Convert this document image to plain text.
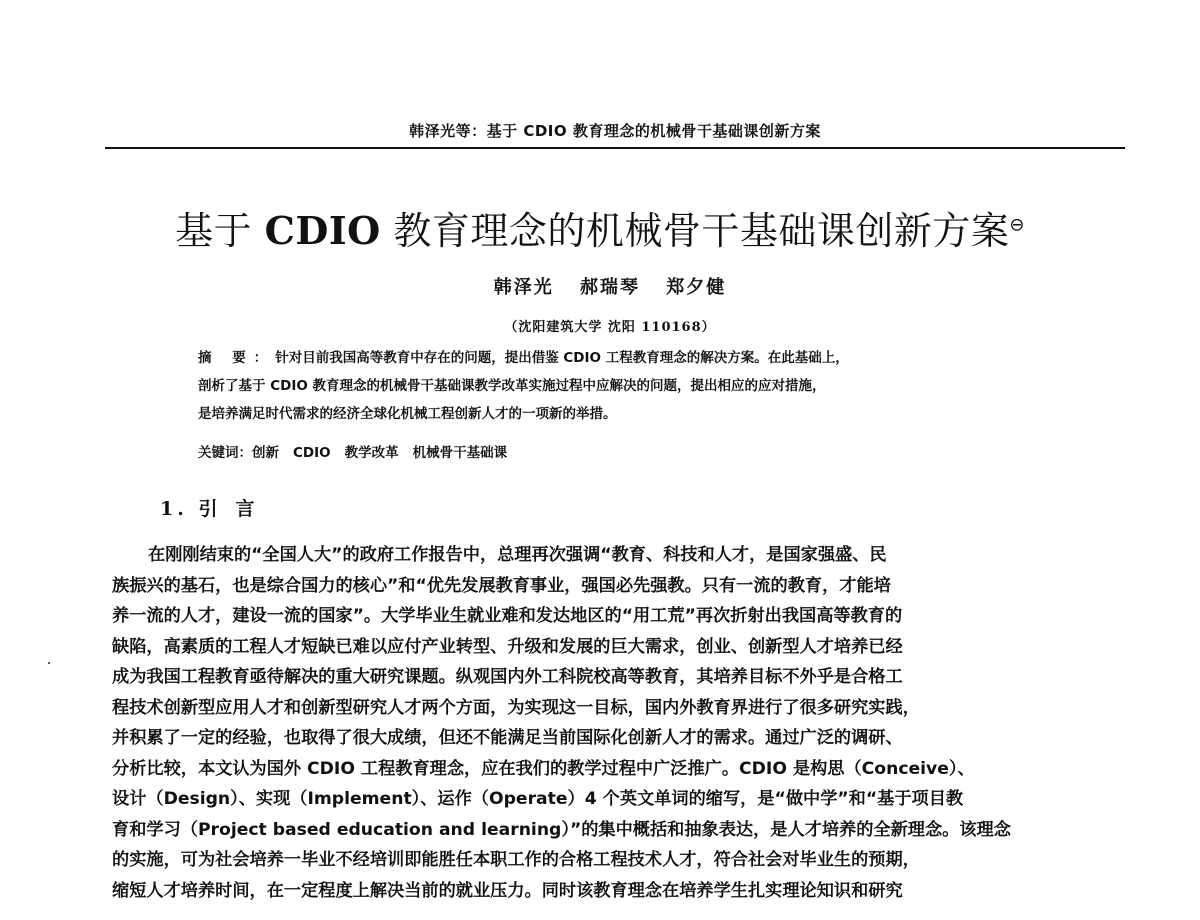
韩泽光等：基于 CDIO 教育理念的机械骨干基础课创新方案
基于 CDIO 教育理念的机械骨干基础课创新方案⊖
韩泽光 郝瑞琴 郑夕健
（沈阳建筑大学 沈阳 110168）
摘 要：针对目前我国高等教育中存在的问题，提出借鉴 CDIO 工程教育理念的解决方案。在此基础上，
剖析了基于 CDIO 教育理念的机械骨干基础课教学改革实施过程中应解决的问题，提出相应的应对措施，
是培养满足时代需求的经济全球化机械工程创新人才的一项新的举措。
关键词：创新 CDIO 教学改革 机械骨干基础课
1. 引言
在刚刚结束的“全国人大”的政府工作报告中，总理再次强调“教育、科技和人才，是国家强盛、民
族振兴的基石，也是综合国力的核心”和“优先发展教育事业，强国必先强教。只有一流的教育，才能培
养一流的人才，建设一流的国家”。大学毕业生就业难和发达地区的“用工荒”再次折射出我国高等教育的
缺陷，高素质的工程人才短缺已难以应付产业转型、升级和发展的巨大需求，创业、创新型人才培养已经
成为我国工程教育亟待解决的重大研究课题。纵观国内外工科院校高等教育，其培养目标不外乎是合格工
程技术创新型应用人才和创新型研究人才两个方面，为实现这一目标，国内外教育界进行了很多研究实践，
并积累了一定的经验，也取得了很大成绩，但还不能满足当前国际化创新人才的需求。通过广泛的调研、
分析比较，本文认为国外 CDIO 工程教育理念，应在我们的教学过程中广泛推广。CDIO 是构思（Conceive）、
设计（Design）、实现（Implement）、运作（Operate）4 个英文单词的缩写，是“做中学”和“基于项目教
育和学习（Project based education and learning）”的集中概括和抽象表达，是人才培养的全新理念。该理念
的实施，可为社会培养一毕业不经培训即能胜任本职工作的合格工程技术人才，符合社会对毕业生的预期，
缩短人才培养时间，在一定程度上解决当前的就业压力。同时该教育理念在培养学生扎实理论知识和研究
